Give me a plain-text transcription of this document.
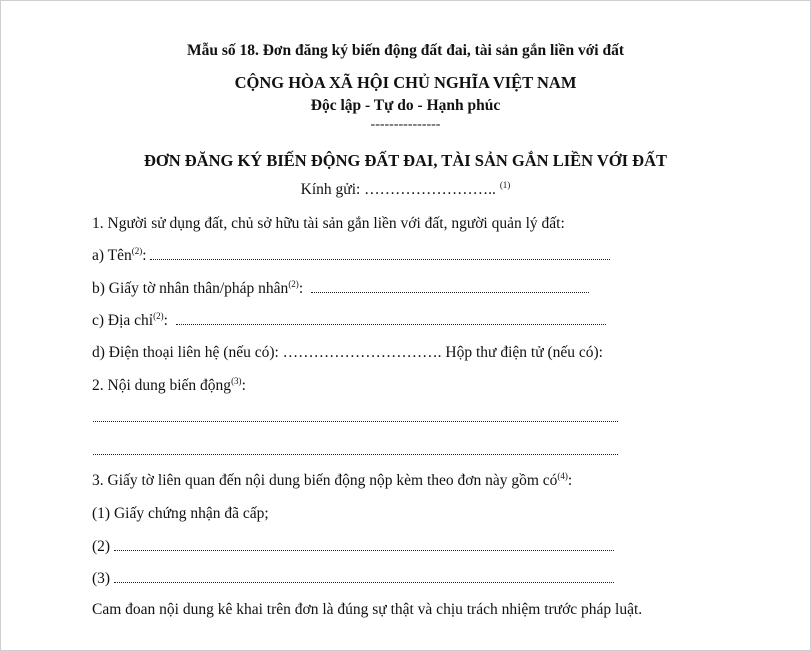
Mẫu số 18. Đơn đăng ký biến động đất đai, tài sản gắn liền với đất
CỘNG HÒA XÃ HỘI CHỦ NGHĨA VIỆT NAM
Độc lập - Tự do - Hạnh phúc
---------------
ĐƠN ĐĂNG KÝ BIẾN ĐỘNG ĐẤT ĐAI, TÀI SẢN GẮN LIỀN VỚI ĐẤT
Kính gửi: …………………….. $^{(1)}$
1. Người sử dụng đất, chủ sở hữu tài sản gắn liền với đất, người quản lý đất:
a) Tên$^{(2)}$:
b) Giấy tờ nhân thân/pháp nhân$^{(2)}$:
c) Địa chỉ$^{(2)}$:
d) Điện thoại liên hệ (nếu có): …………………………. Hộp thư điện tử (nếu có):
2. Nội dung biến động$^{(3)}$:
3. Giấy tờ liên quan đến nội dung biến động nộp kèm theo đơn này gồm $có^{(4)}$:
(1) Giấy chứng nhận đã cấp;
(2)
(3)
Cam đoan nội dung kê khai trên đơn là đúng sự thật và chịu trách nhiệm trước pháp luật.
